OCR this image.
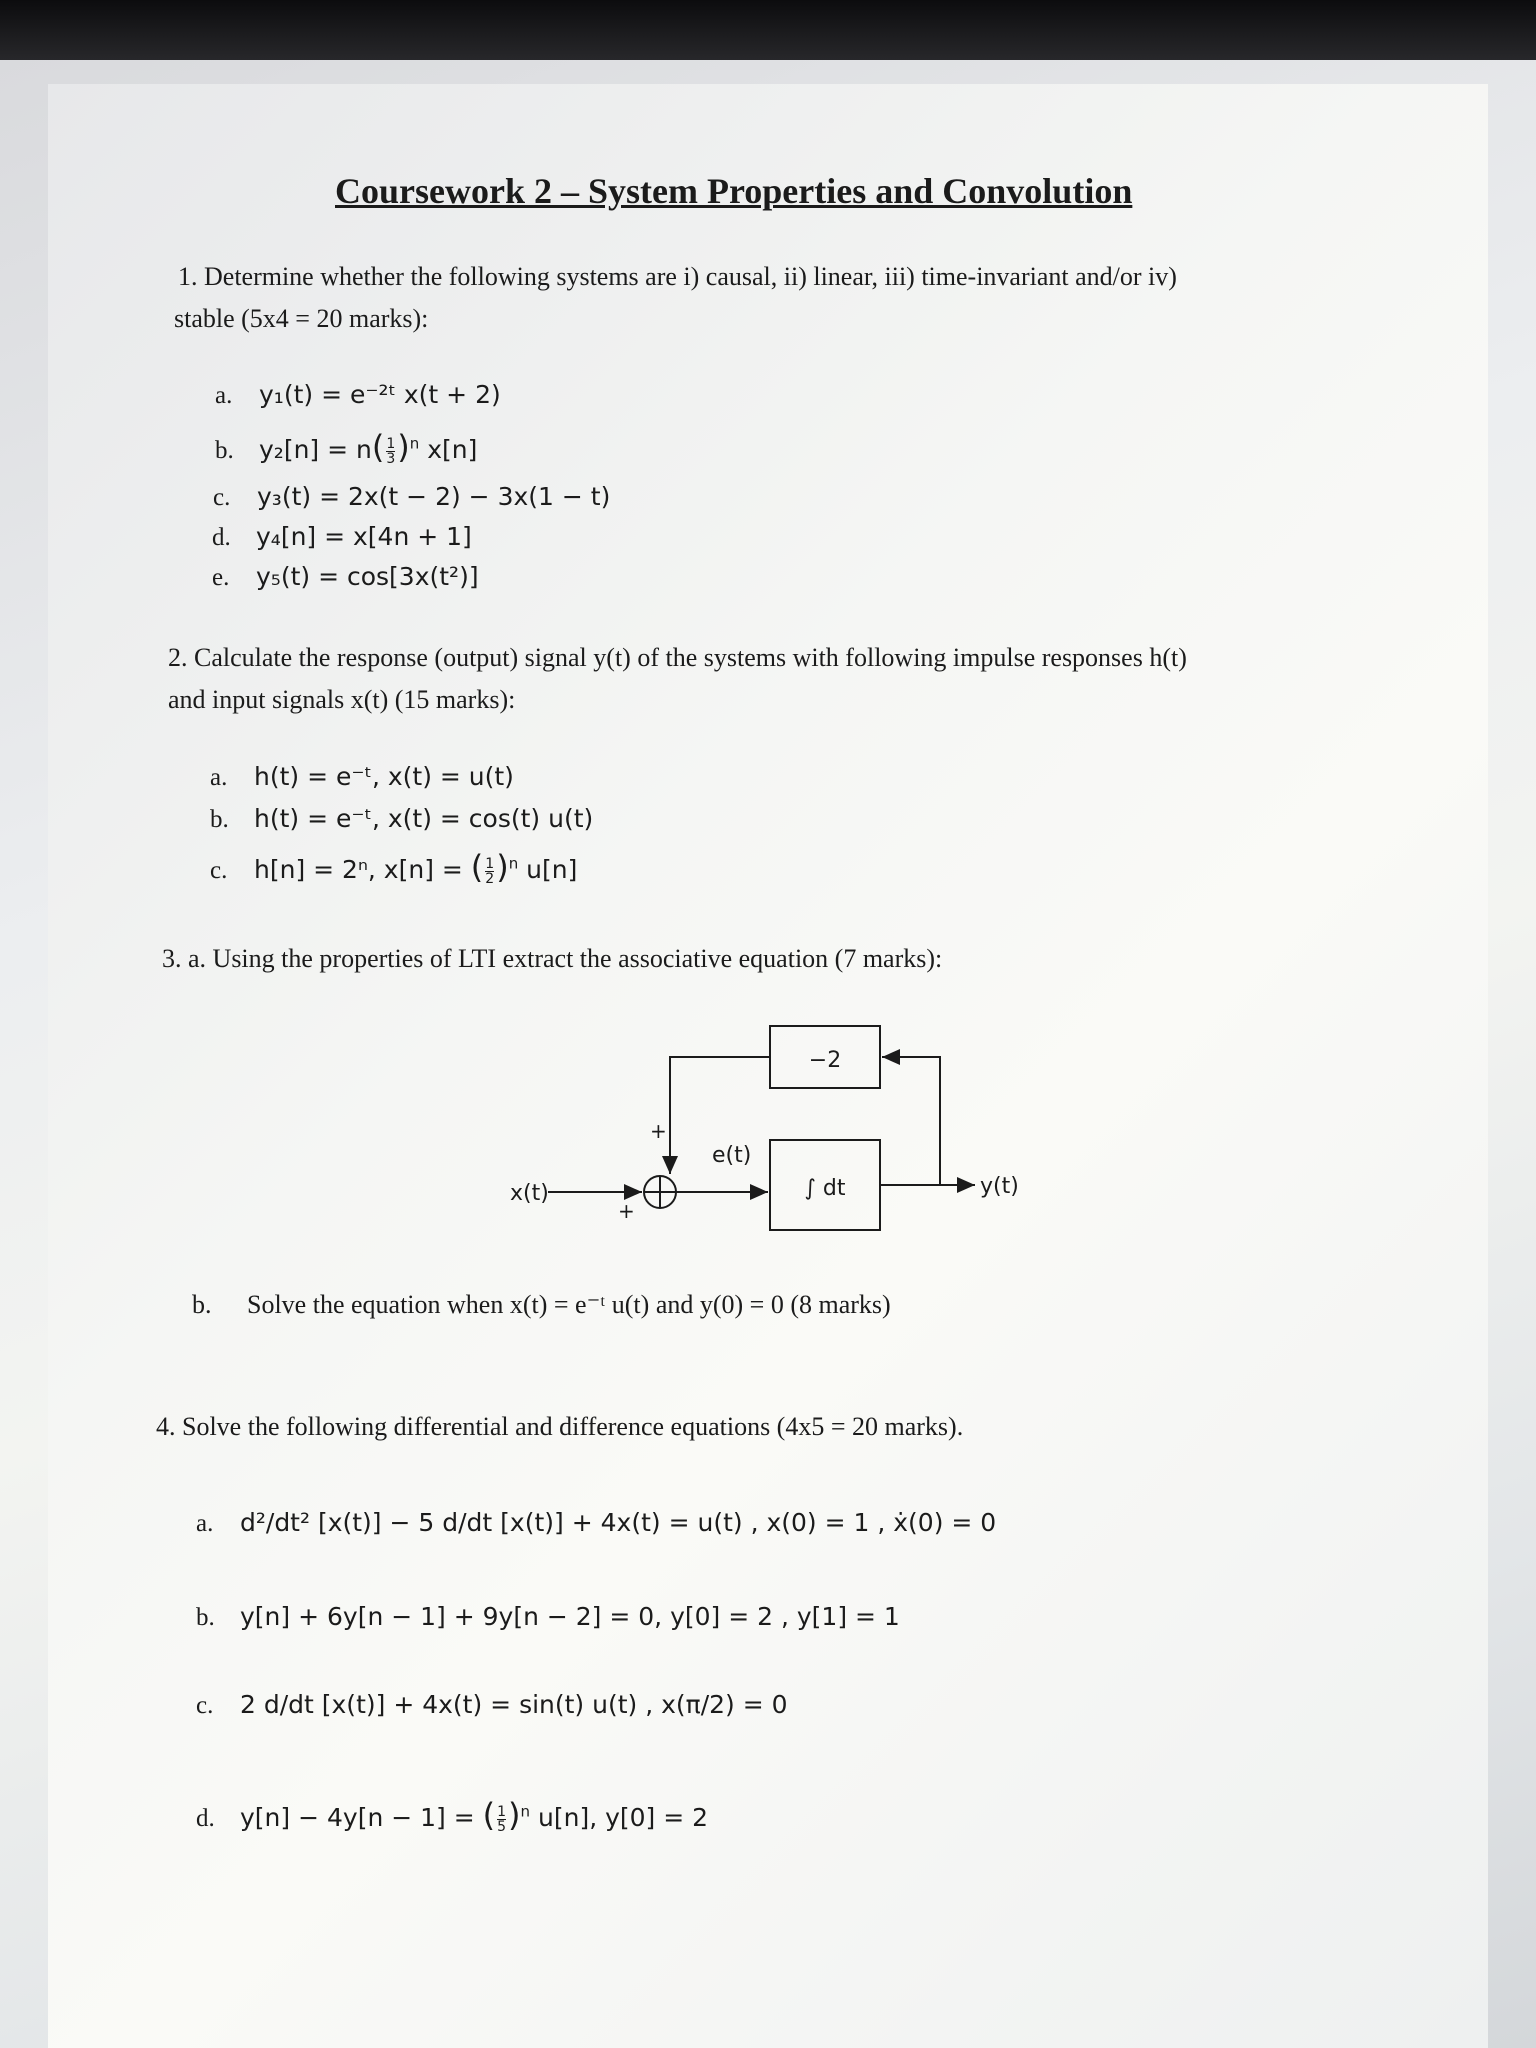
Coursework 2 – System Properties and Convolution
1. Determine whether the following systems are i) causal, ii) linear, iii) time-invariant and/or iv)
stable (5x4 = 20 marks):
a. y₁(t) = e⁻²ᵗ x(t + 2)
b. $y_2[n] = n( \frac{1}{3} )^n$ x[n]
c. y₃(t) = 2x(t − 2) − 3x(1 − t)
d. y₄[n] = x[4n + 1]
e. y₅(t) = cos[3x(t²)]
2. Calculate the response (output) signal y(t) of the systems with following impulse responses h(t)
and input signals x(t) (15 marks):
a. h(t) = e⁻ᵗ, x(t) = u(t)
b. h(t) = e⁻ᵗ, x(t) = cos(t) u(t)
c. h[n] = 2ⁿ, x[n] = ( $\frac{1}{2} )^n$ u[n]
3. a. Using the properties of LTI extract the associative equation (7 marks):
−2
∫ dt
x(t)
e(t)
y(t)
+
+
b. Solve the equation when x(t) = e⁻ᵗ u(t) and y(0) = 0 (8 marks)
4. Solve the following differential and difference equations (4x5 = 20 marks).
a. d²/dt² [x(t)] − 5 d/dt [x(t)] + 4x(t) = u(t) , x(0) = 1 , ẋ(0) = 0
b. y[n] + 6y[n − 1] + 9y[n − 2] = 0, y[0] = 2 , y[1] = 1
c. 2 d/dt [x(t)] + 4x(t) = sin(t) u(t) , x(π/2) = 0
d. y[n] − 4y[n − 1] = ( $\frac{1}{5} )^n$ u[n], y[0] = 2
